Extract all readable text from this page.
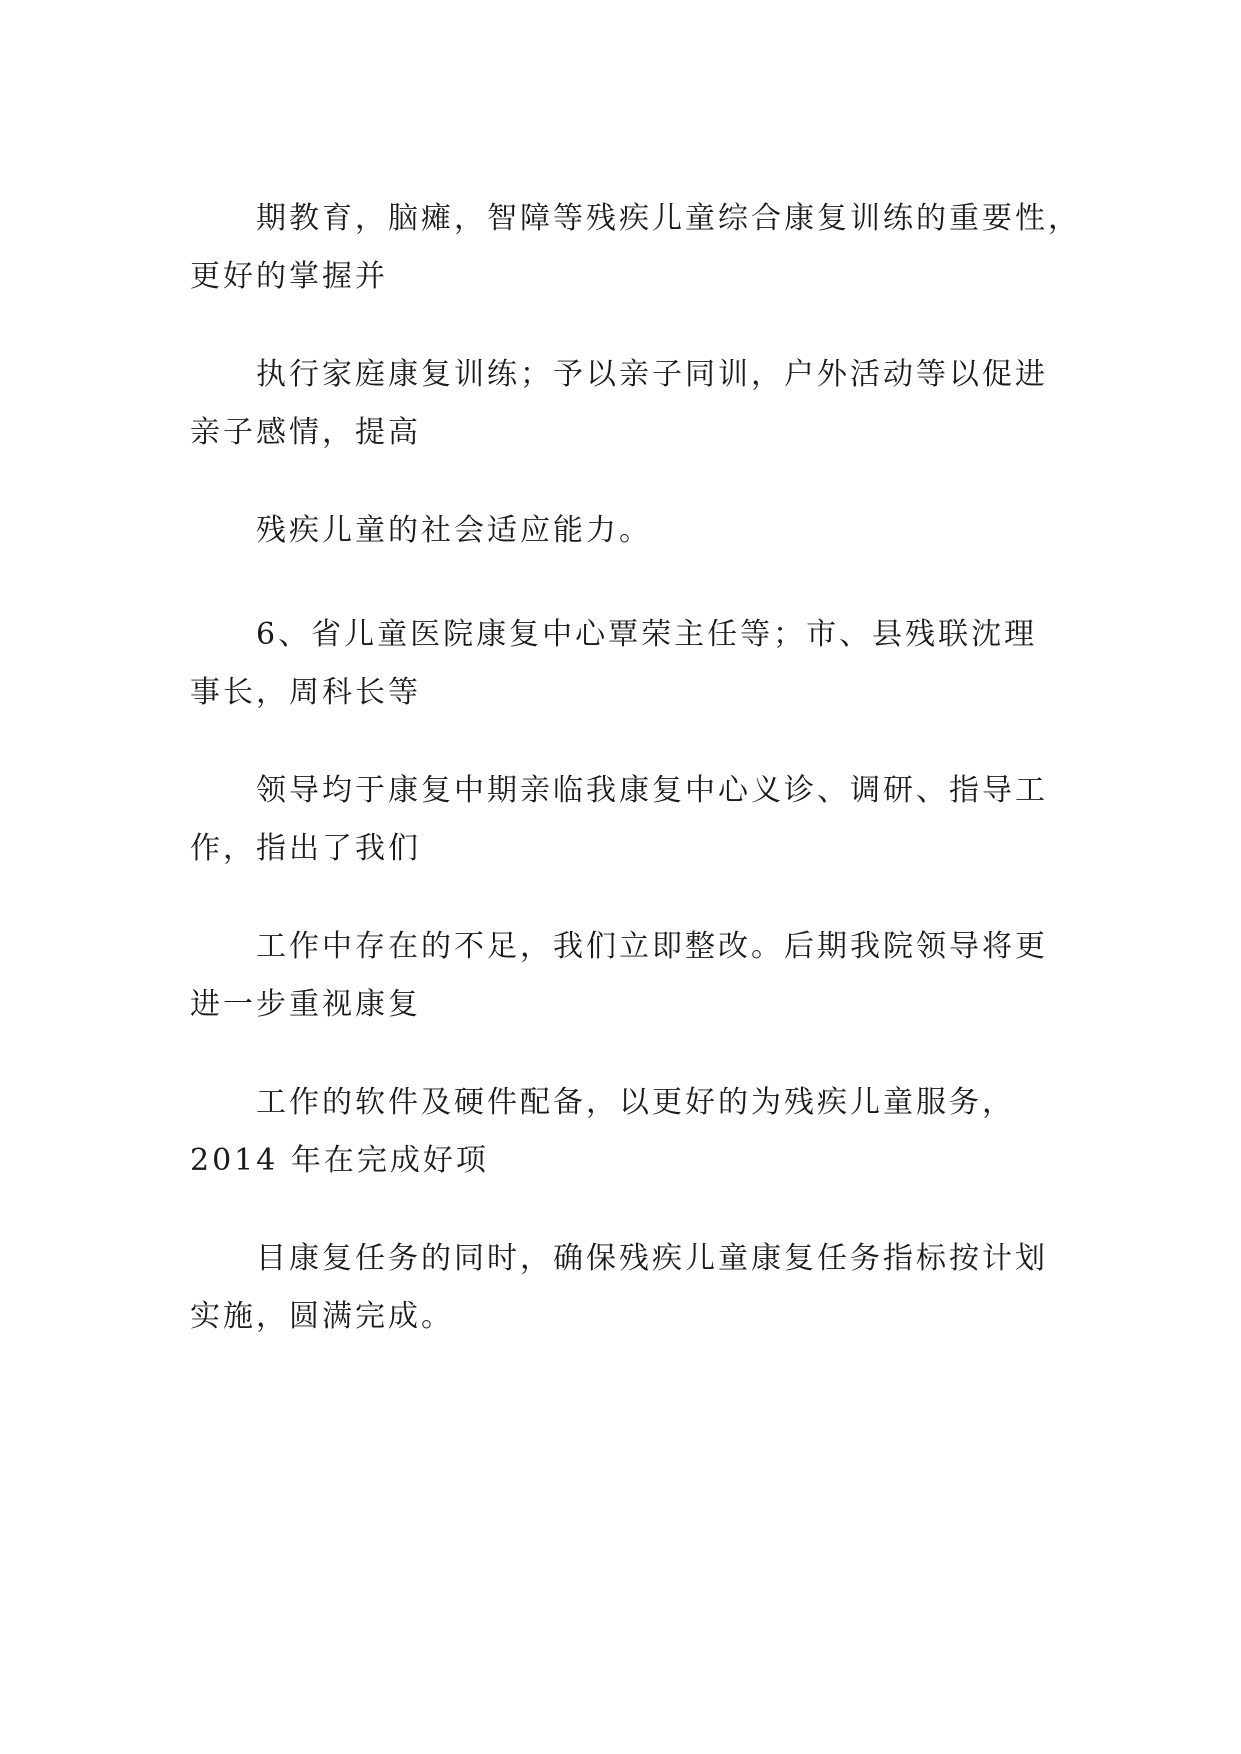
期教育，脑瘫，智障等残疾儿童综合康复训练的重要性，
更好的掌握并

执行家庭康复训练；予以亲子同训，户外活动等以促进
亲子感情，提高

残疾儿童的社会适应能力。

6、省儿童医院康复中心覃荣主任等；市、县残联沈理
事长，周科长等

领导均于康复中期亲临我康复中心义诊、调研、指导工
作，指出了我们

工作中存在的不足，我们立即整改。后期我院领导将更
进一步重视康复

工作的软件及硬件配备，以更好的为残疾儿童服务，
2014 年在完成好项

目康复任务的同时，确保残疾儿童康复任务指标按计划
实施，圆满完成。
